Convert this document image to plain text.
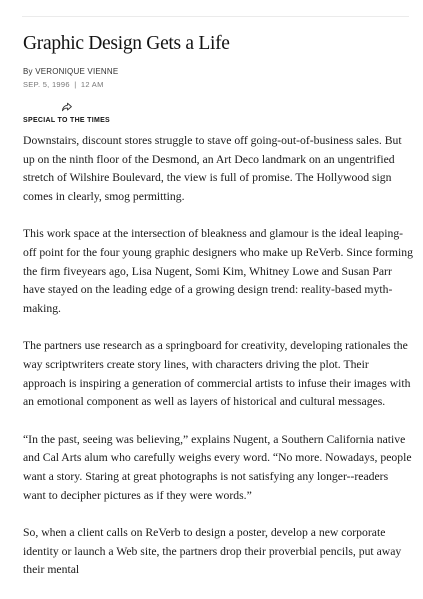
Graphic Design Gets a Life
By VERONIQUE VIENNE
SEP. 5, 1996 | 12 AM
SPECIAL TO THE TIMES

Downstairs, discount stores struggle to stave off going-out-of-business sales. But up on the ninth floor of the Desmond, an Art Deco landmark on an ungentrified stretch of Wilshire Boulevard, the view is full of promise. The Hollywood sign comes in clearly, smog permitting.

This work space at the intersection of bleakness and glamour is the ideal leaping-off point for the four young graphic designers who make up ReVerb. Since forming the firm fiveyears ago, Lisa Nugent, Somi Kim, Whitney Lowe and Susan Parr have stayed on the leading edge of a growing design trend: reality-based myth-making.

The partners use research as a springboard for creativity, developing rationales the way scriptwriters create story lines, with characters driving the plot. Their approach is inspiring a generation of commercial artists to infuse their images with an emotional component as well as layers of historical and cultural messages.

“In the past, seeing was believing,” explains Nugent, a Southern California native and Cal Arts alum who carefully weighs every word. “No more. Nowadays, people want a story. Staring at great photographs is not satisfying any longer--readers want to decipher pictures as if they were words.”

So, when a client calls on ReVerb to design a poster, develop a new corporate identity or launch a Web site, the partners drop their proverbial pencils, put away their mental
